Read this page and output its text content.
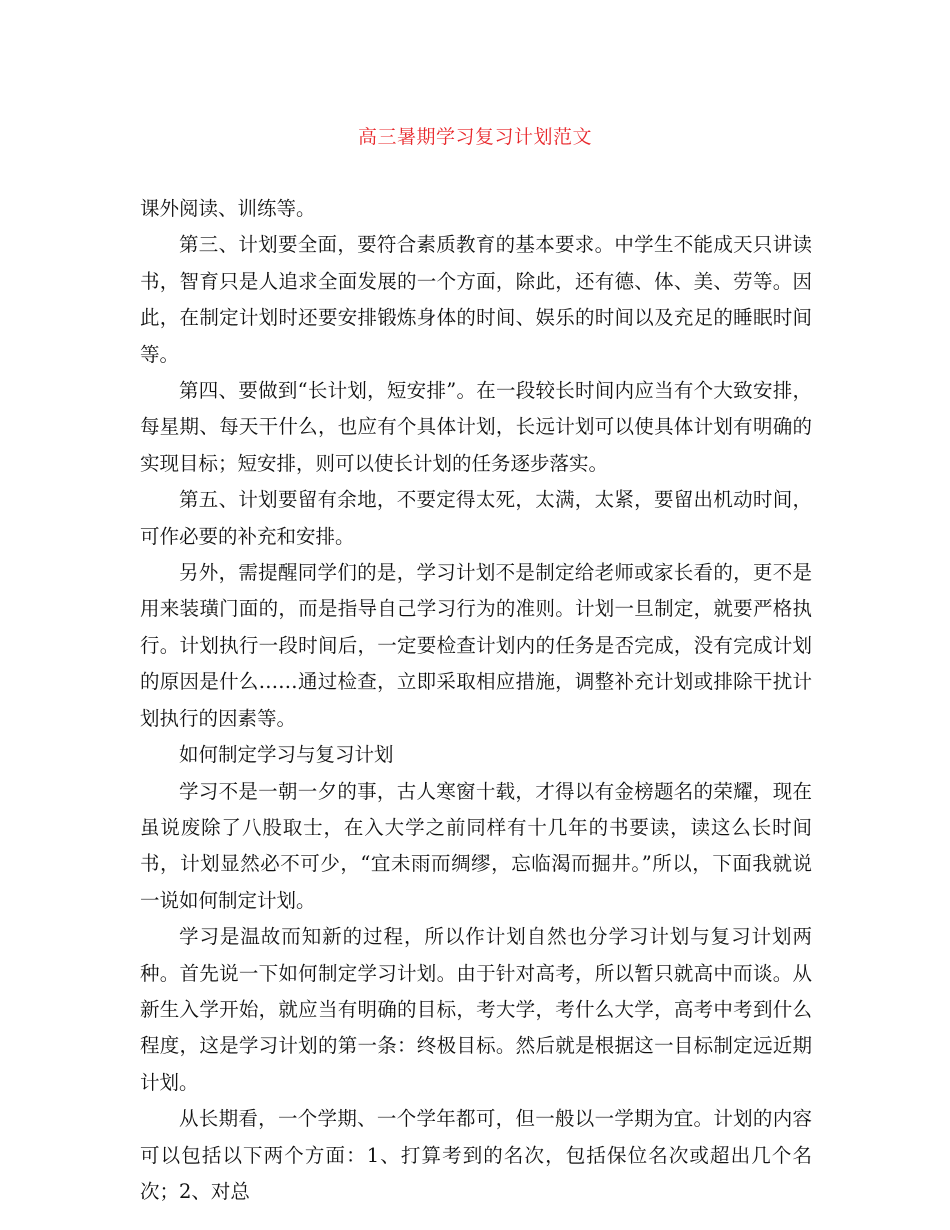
高三暑期学习复习计划范文

课外阅读、训练等。

第三、计划要全面，要符合素质教育的基本要求。中学生不能成天只讲读书，智育只是人追求全面发展的一个方面，除此，还有德、体、美、劳等。因此，在制定计划时还要安排锻炼身体的时间、娱乐的时间以及充足的睡眠时间等。

第四、要做到“长计划，短安排”。在一段较长时间内应当有个大致安排，每星期、每天干什么，也应有个具体计划，长远计划可以使具体计划有明确的实现目标；短安排，则可以使长计划的任务逐步落实。

第五、计划要留有余地，不要定得太死，太满，太紧，要留出机动时间，可作必要的补充和安排。

另外，需提醒同学们的是，学习计划不是制定给老师或家长看的，更不是用来装璜门面的，而是指导自己学习行为的准则。计划一旦制定，就要严格执行。计划执行一段时间后，一定要检查计划内的任务是否完成，没有完成计划的原因是什么……通过检查，立即采取相应措施，调整补充计划或排除干扰计划执行的因素等。

如何制定学习与复习计划

学习不是一朝一夕的事，古人寒窗十载，才得以有金榜题名的荣耀，现在虽说废除了八股取士，在入大学之前同样有十几年的书要读，读这么长时间书，计划显然必不可少，“宜未雨而绸缪，忘临渴而掘井。”所以，下面我就说一说如何制定计划。

学习是温故而知新的过程，所以作计划自然也分学习计划与复习计划两种。首先说一下如何制定学习计划。由于针对高考，所以暂只就高中而谈。从新生入学开始，就应当有明确的目标，考大学，考什么大学，高考中考到什么程度，这是学习计划的第一条：终极目标。然后就是根据这一目标制定远近期计划。

从长期看，一个学期、一个学年都可，但一般以一学期为宜。计划的内容可以包括以下两个方面：1、打算考到的名次，包括保位名次或超出几个名次；2、对总
